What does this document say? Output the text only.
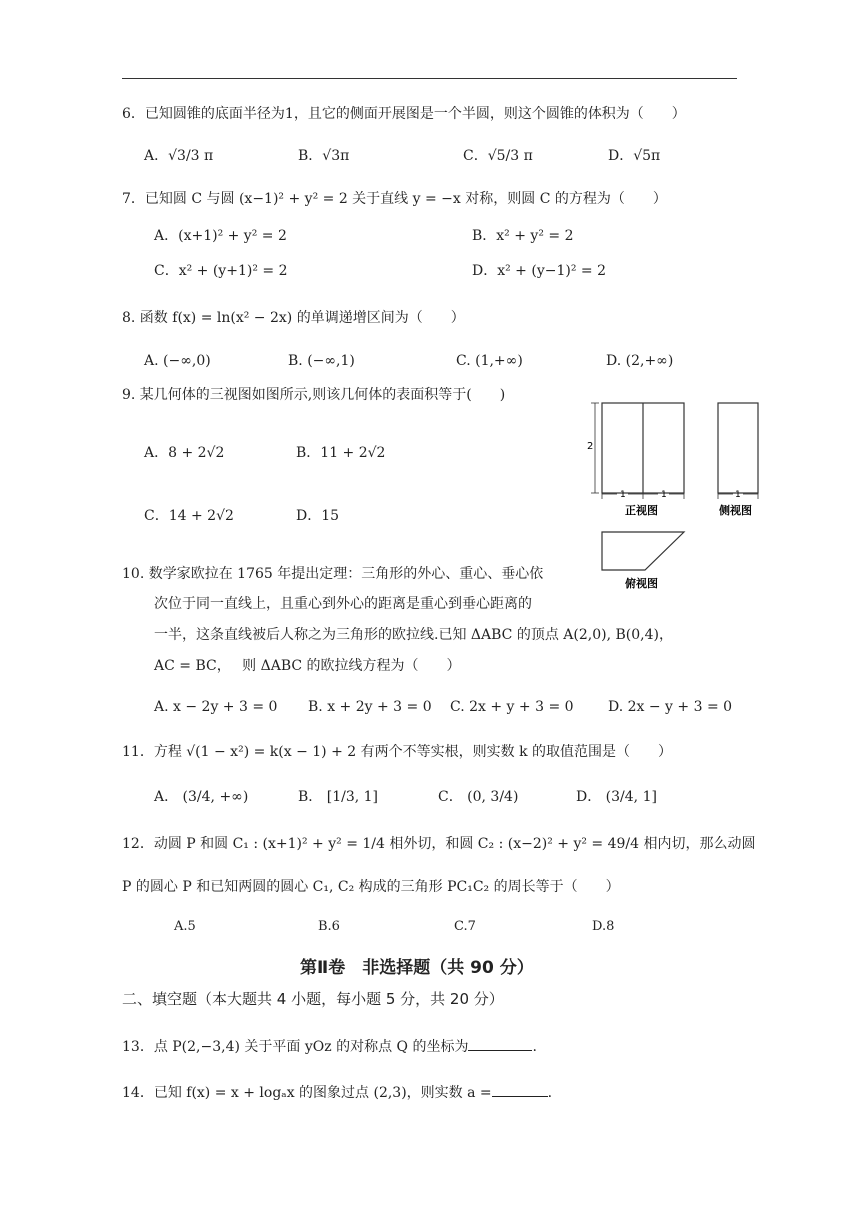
6．已知圆锥的底面半径为1，且它的侧面开展图是一个半圆，则这个圆锥的体积为（　　）
A．√3/3 π	B．√3π	C．√5/3 π	D．√5π
7．已知圆 C 与圆 (x−1)² + y² = 2 关于直线 y = −x 对称，则圆 C 的方程为（　　）
A．(x+1)² + y² = 2	B．x² + y² = 2
C．x² + (y+1)² = 2	D．x² + (y−1)² = 2
8. 函数 f(x) = ln(x² − 2x) 的单调递增区间为（　　）
A. (−∞,0)	B. (−∞,1)	C. (1,+∞)	D. (2,+∞)
9. 某几何体的三视图如图所示,则该几何体的表面积等于(　　)
A．8 + 2√2	B．11 + 2√2
C．14 + 2√2	D．15
2
1	1
正视图
1
侧视图
俯视图
10. 数学家欧拉在 1765 年提出定理：三角形的外心、重心、垂心依
次位于同一直线上，且重心到外心的距离是重心到垂心距离的
一半，这条直线被后人称之为三角形的欧拉线.已知 ΔABC 的顶点 A(2,0), B(0,4)，
AC = BC，　 则 ΔABC 的欧拉线方程为（　　）
A. x − 2y + 3 = 0 B. x + 2y + 3 = 0 C. 2x + y + 3 = 0 D. 2x − y + 3 = 0
11．方程 √(1 − x²) = k(x − 1) + 2 有两个不等实根，则实数 k 的取值范围是（　　）
A． (3/4, +∞)	B． [1/3, 1]	C． (0, 3/4)	D． (3/4, 1]
12．动圆 P 和圆 C₁ : (x+1)² + y² = 1/4 相外切，和圆 C₂ : (x−2)² + y² = 49/4 相内切，那么动圆
P 的圆心 P 和已知两圆的圆心 C₁, C₂ 构成的三角形 PC₁C₂ 的周长等于（　　）
A.5	B.6	C.7	D.8
第Ⅱ卷　非选择题（共 90 分）
二、填空题（本大题共 4 小题，每小题 5 分，共 20 分）
13．点 P(2,−3,4) 关于平面 yOz 的对称点 Q 的坐标为	.
14．已知 f(x) = x + logₐx 的图象过点 (2,3)，则实数 a =	.
